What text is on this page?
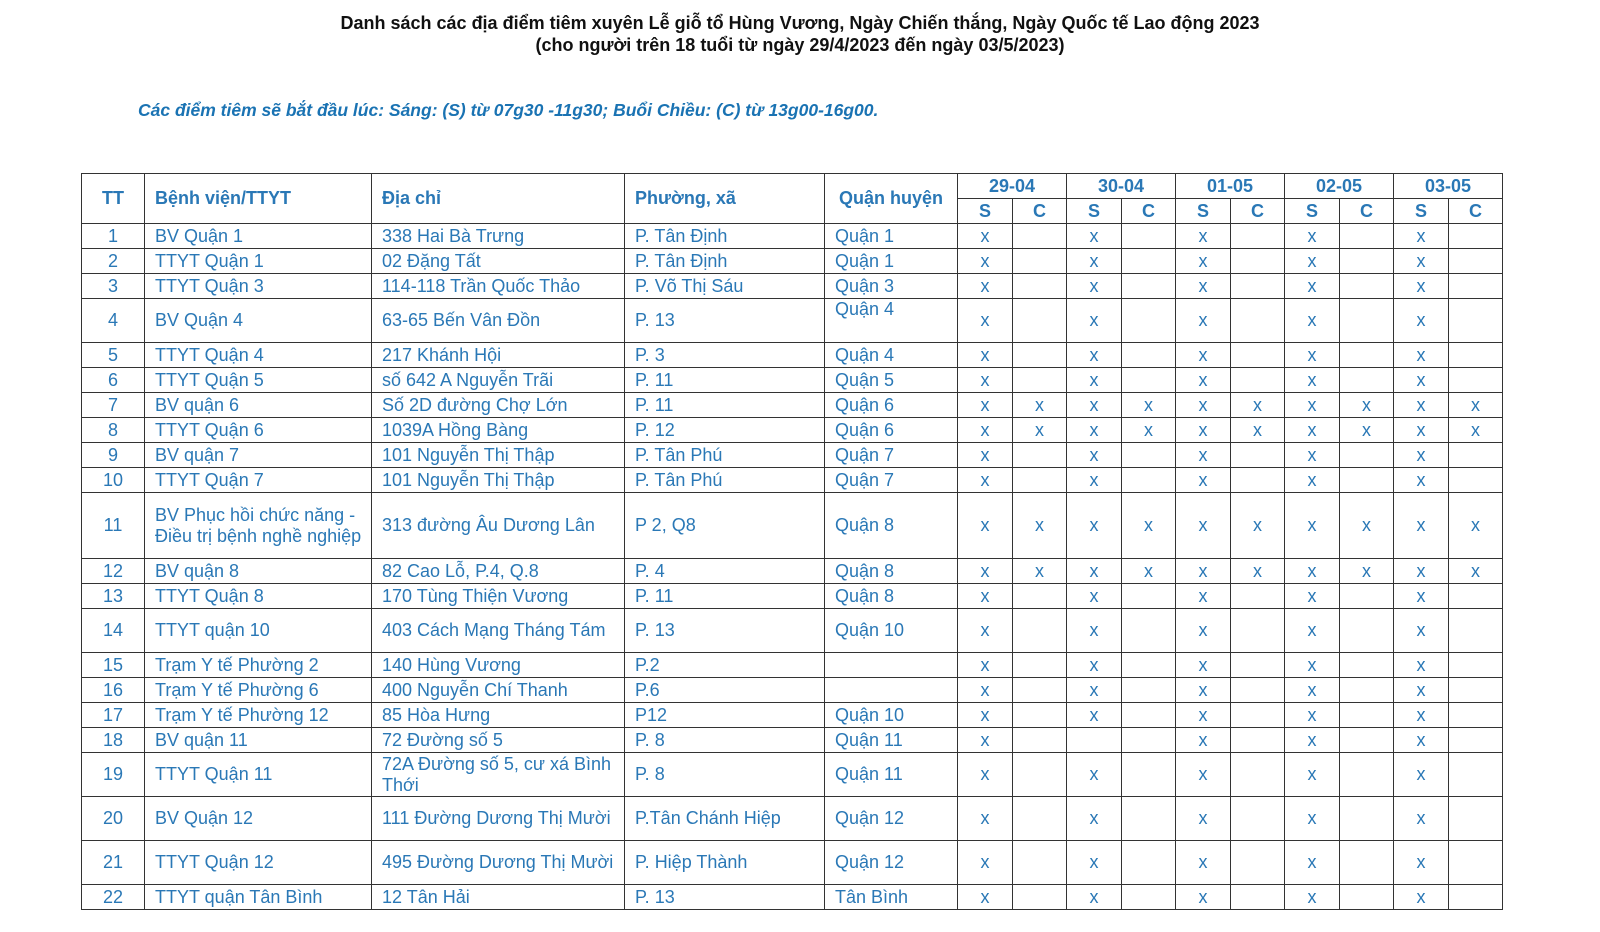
Danh sách các địa điểm tiêm xuyên Lễ giỗ tổ Hùng Vương, Ngày Chiến thắng, Ngày Quốc tế Lao động 2023
(cho người trên 18 tuổi từ ngày 29/4/2023 đến ngày 03/5/2023)
Các điểm tiêm sẽ bắt đầu lúc: Sáng: (S) từ 07g30 -11g30; Buổi Chiều: (C) từ 13g00-16g00.
TT	Bệnh viện/TTYT	Địa chỉ	Phường, xã	Quận huyện	29-04		30-04		01-05		02-05		03-05	
					S	C	S	C	S	C	S	C	S	C
1	BV Quận 1	338 Hai Bà Trưng	P. Tân Định	Quận 1	x		x		x		x		x	
2	TTYT Quận 1	02 Đặng Tất	P. Tân Định	Quận 1	x		x		x		x		x	
3	TTYT Quận 3	114-118 Trần Quốc Thảo	P. Võ Thị Sáu	Quận 3	x		x		x		x		x	
4	BV Quận 4	63-65 Bến Vân Đồn	P. 13	Quận 4	x		x		x		x		x	
5	TTYT Quận 4	217 Khánh Hội	P. 3	Quận 4	x		x		x		x		x	
6	TTYT Quận 5	số 642 A Nguyễn Trãi	P. 11	Quận 5	x		x		x		x		x	
7	BV quận 6	Số 2D đường Chợ Lớn	P. 11	Quận 6	x	x	x	x	x	x	x	x	x	x
8	TTYT Quận 6	1039A Hồng Bàng	P. 12	Quận 6	x	x	x	x	x	x	x	x	x	x
9	BV quận 7	101 Nguyễn Thị Thập	P. Tân Phú	Quận 7	x		x		x		x		x	
10	TTYT Quận 7	101 Nguyễn Thị Thập	P. Tân Phú	Quận 7	x		x		x		x		x	
11	BV Phục hồi chức năng - Điều trị bệnh nghề nghiệp	313 đường Âu Dương Lân	P 2, Q8	Quận 8	x	x	x	x	x	x	x	x	x	x
12	BV quận 8	82 Cao Lỗ, P.4, Q.8	P. 4	Quận 8	x	x	x	x	x	x	x	x	x	x
13	TTYT Quận 8	170 Tùng Thiện Vương	P. 11	Quận 8	x		x		x		x		x	
14	TTYT quận 10	403 Cách Mạng Tháng Tám	P. 13	Quận 10	x		x		x		x		x	
15	Trạm Y tế Phường 2	140 Hùng Vương	P.2		x		x		x		x		x	
16	Trạm Y tế Phường 6	400 Nguyễn Chí Thanh	P.6		x		x		x		x		x	
17	Trạm Y tế Phường 12	85 Hòa Hưng	P12	Quận 10	x		x		x		x		x	
18	BV quận 11	72 Đường số 5	P. 8	Quận 11	x				x		x		x	
19	TTYT Quận 11	72A Đường số 5, cư xá Bình Thới	P. 8	Quận 11	x		x		x		x		x	
20	BV Quận 12	111 Đường Dương Thị Mười	P.Tân Chánh Hiệp	Quận 12	x		x		x		x		x	
21	TTYT Quận 12	495 Đường Dương Thị Mười	P. Hiệp Thành	Quận 12	x		x		x		x		x	
22	TTYT quận Tân Bình	12 Tân Hải	P. 13	Tân Bình	x		x		x		x		x	
